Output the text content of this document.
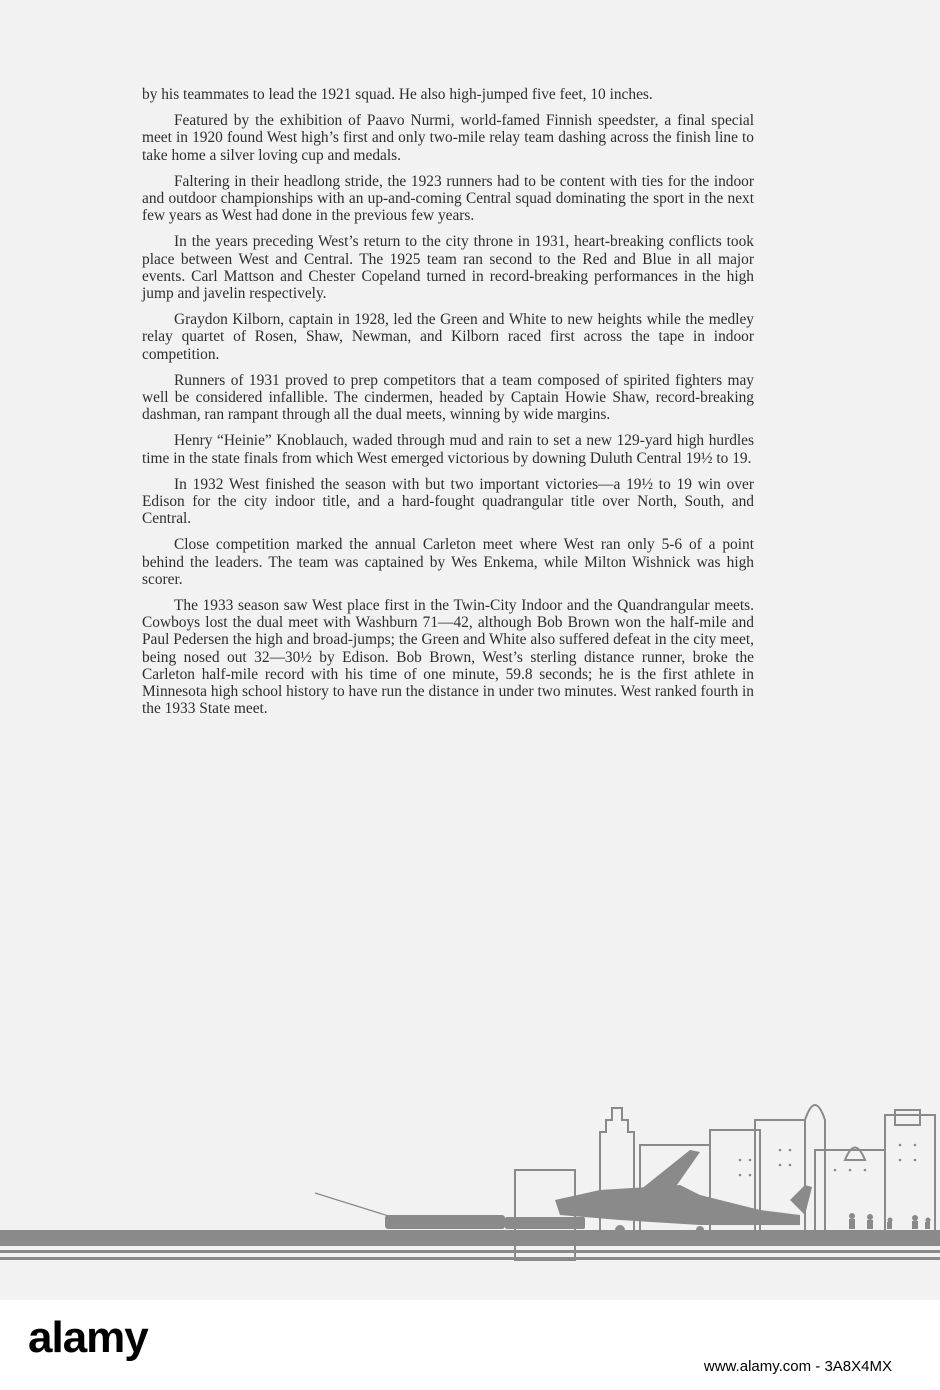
by his teammates to lead the 1921 squad. He also high-jumped five feet, 10 inches.

Featured by the exhibition of Paavo Nurmi, world-famed Finnish speedster, a final special meet in 1920 found West high’s first and only two-mile relay team dashing across the finish line to take home a silver loving cup and medals.

Faltering in their headlong stride, the 1923 runners had to be content with ties for the indoor and outdoor championships with an up-and-coming Central squad dominating the sport in the next few years as West had done in the previous few years.

In the years preceding West’s return to the city throne in 1931, heart-breaking conflicts took place between West and Central. The 1925 team ran second to the Red and Blue in all major events. Carl Mattson and Chester Copeland turned in record-breaking performances in the high jump and javelin respectively.

Graydon Kilborn, captain in 1928, led the Green and White to new heights while the medley relay quartet of Rosen, Shaw, Newman, and Kilborn raced first across the tape in indoor competition.

Runners of 1931 proved to prep competitors that a team composed of spirited fighters may well be considered infallible. The cindermen, headed by Captain Howie Shaw, record-breaking dashman, ran rampant through all the dual meets, winning by wide margins.

Henry “Heinie” Knoblauch, waded through mud and rain to set a new 129-yard high hurdles time in the state finals from which West emerged victorious by downing Duluth Central 19½ to 19.

In 1932 West finished the season with but two important victories—a 19½ to 19 win over Edison for the city indoor title, and a hard-fought quadrangular title over North, South, and Central.

Close competition marked the annual Carleton meet where West ran only 5-6 of a point behind the leaders. The team was captained by Wes Enkema, while Milton Wishnick was high scorer.

The 1933 season saw West place first in the Twin-City Indoor and the Quandrangular meets. Cowboys lost the dual meet with Washburn 71—42, although Bob Brown won the half-mile and Paul Pedersen the high and broad-jumps; the Green and White also suffered defeat in the city meet, being nosed out 32—30½ by Edison. Bob Brown, West’s sterling distance runner, broke the Carleton half-mile record with his time of one minute, 59.8 seconds; he is the first athlete in Minnesota high school history to have run the distance in under two minutes. West ranked fourth in the 1933 State meet.

alamy
www.alamy.com - 3A8X4MX
